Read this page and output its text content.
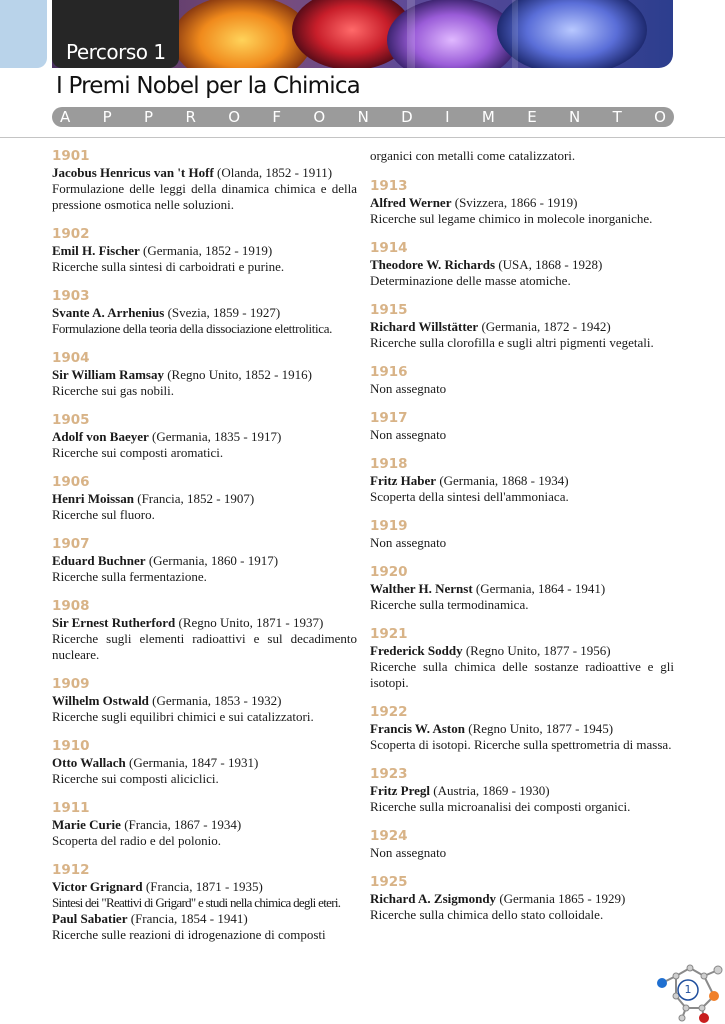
Percorso 1
I Premi Nobel per la Chimica
A P P R O F O N D I M E N T O
1901
Jacobus Henricus van 't Hoff (Olanda, 1852 - 1911)
Formulazione delle leggi della dinamica chimica e della pressione osmotica nelle soluzioni.
1902
Emil H. Fischer (Germania, 1852 - 1919)
Ricerche sulla sintesi di carboidrati e purine.
1903
Svante A. Arrhenius (Svezia, 1859 - 1927)
Formulazione della teoria della dissociazione elettrolitica.
1904
Sir William Ramsay (Regno Unito, 1852 - 1916)
Ricerche sui gas nobili.
1905
Adolf von Baeyer (Germania, 1835 - 1917)
Ricerche sui composti aromatici.
1906
Henri Moissan (Francia, 1852 - 1907)
Ricerche sul fluoro.
1907
Eduard Buchner (Germania, 1860 - 1917)
Ricerche sulla fermentazione.
1908
Sir Ernest Rutherford (Regno Unito, 1871 - 1937)
Ricerche sugli elementi radioattivi e sul decadimento nucleare.
1909
Wilhelm Ostwald (Germania, 1853 - 1932)
Ricerche sugli equilibri chimici e sui catalizzatori.
1910
Otto Wallach (Germania, 1847 - 1931)
Ricerche sui composti aliciclici.
1911
Marie Curie (Francia, 1867 - 1934)
Scoperta del radio e del polonio.
1912
Victor Grignard (Francia, 1871 - 1935)
Sintesi dei "Reattivi di Grigard" e studi nella chimica degli eteri.
Paul Sabatier (Francia, 1854 - 1941)
Ricerche sulle reazioni di idrogenazione di composti
organici con metalli come catalizzatori.
1913
Alfred Werner (Svizzera, 1866 - 1919)
Ricerche sul legame chimico in molecole inorganiche.
1914
Theodore W. Richards (USA, 1868 - 1928)
Determinazione delle masse atomiche.
1915
Richard Willstätter (Germania, 1872 - 1942)
Ricerche sulla clorofilla e sugli altri pigmenti vegetali.
1916
Non assegnato
1917
Non assegnato
1918
Fritz Haber (Germania, 1868 - 1934)
Scoperta della sintesi dell'ammoniaca.
1919
Non assegnato
1920
Walther H. Nernst (Germania, 1864 - 1941)
Ricerche sulla termodinamica.
1921
Frederick Soddy (Regno Unito, 1877 - 1956)
Ricerche sulla chimica delle sostanze radioattive e gli isotopi.
1922
Francis W. Aston (Regno Unito, 1877 - 1945)
Scoperta di isotopi. Ricerche sulla spettrometria di massa.
1923
Fritz Pregl (Austria, 1869 - 1930)
Ricerche sulla microanalisi dei composti organici.
1924
Non assegnato
1925
Richard A. Zsigmondy (Germania 1865 - 1929)
Ricerche sulla chimica dello stato colloidale.
1
